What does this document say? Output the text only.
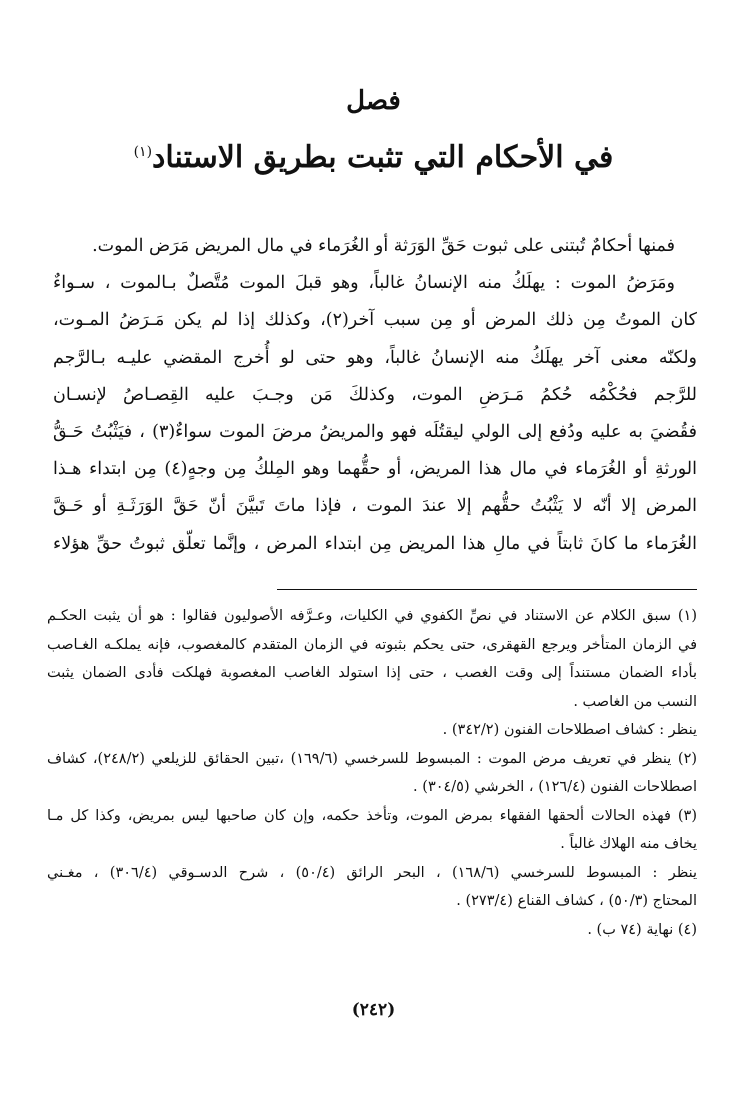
فصل
في الأحكام التي تثبت بطريق الاستناد$^{(١)}$
فمنها أحكامٌ تُبتنى على ثبوت حَقِّ الوَرَثة أو الغُرَماء في مال المريض مَرَض الموت.
ومَرَضُ الموت : يهلَكُ منه الإنسانُ غالباً، وهو قبلَ الموت مُتَّصلٌ بـالموت ، سـواءٌ
كان الموتُ مِن ذلك المرض أو مِن سبب آخر(٢)، وكذلك إذا لم يكن مَـرَضُ المـوت،
ولكنّه معنى آخر يهلَكُ منه الإنسانُ غالباً، وهو حتى لو أُخرج المقضي عليـه بـالرَّجم
للرَّجم فحُكْمُه حُكمُ مَـرَضِ الموت، وكذلكَ مَن وجـبَ عليه القِصـاصُ لإنسـان
فقُضيَ به عليه ودُفع إلى الولي ليقتُلَه فهو والمريضُ مرضَ الموت سواءٌ(٣) ، فيَثْبُتُ حَـقُّ
الورثةِ أو الغُرَماء في مال هذا المريض، أو حقُّهما وهو المِلكُ مِن وجهٍ(٤) مِن ابتداء هـذا
المرض إلا أنّه لا يَثْبُتُ حقُّهم إلا عندَ الموت ، فإذا ماتَ تَبيَّنَ أنّ حَقَّ الوَرَثَـةِ أو حَـقَّ
الغُرَماء ما كانَ ثابتاً في مالِ هذا المريض مِن ابتداء المرض ، وإنَّما تعلّق ثبوتُ حقِّ هؤلاء
(١) سبق الكلام عن الاستناد في نصِّ الكفوي في الكليات، وعـرَّفه الأصوليون فقالوا : هو أن يثبت الحكـم
في الزمان المتأخر ويرجع القهقرى، حتى يحكم بثبوته في الزمان المتقدم كالمغصوب، فإنه يملكـه الغـاصب
بأداء الضمان مستنداً إلى وقت الغصب ، حتى إذا استولد الغاصب المغصوبة فهلكت فأدى الضمان يثبت
النسب من الغاصب .
ينظر : كشاف اصطلاحات الفنون (٣٤٢/٢) .
(٢) ينظر في تعريف مرض الموت : المبسوط للسرخسي (١٦٩/٦) ،تبين الحقائق للزيلعي (٢٤٨/٢)، كشاف
اصطلاحات الفنون (١٢٦/٤) ، الخرشي (٣٠٤/٥) .
(٣) فهذه الحالات ألحقها الفقهاء بمرض الموت، وتأخذ حكمه، وإن كان صاحبها ليس بمريض، وكذا كل مـا
يخاف منه الهلاك غالباً .
ينظر : المبسوط للسرخسي (١٦٨/٦) ، البحر الرائق (٥٠/٤) ، شرح الدسـوقي (٣٠٦/٤) ، مغـني
المحتاج (٥٠/٣) ، كشاف القناع (٢٧٣/٤) .
(٤) نهاية (٧٤ ب) .
(٢٤٢)
